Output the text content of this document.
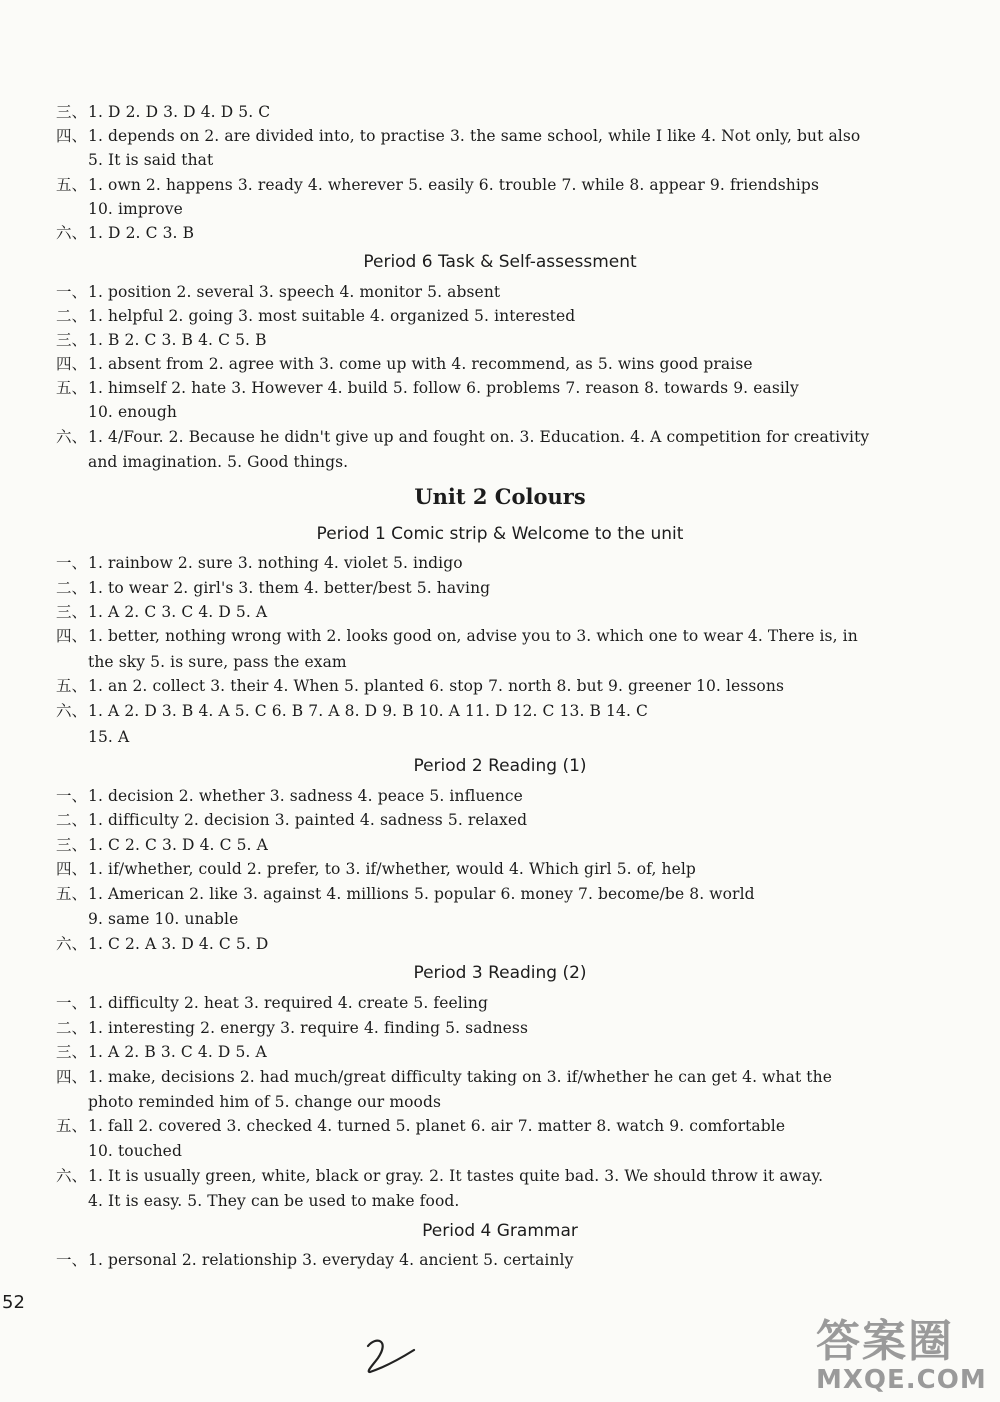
三、1. D 2. D 3. D 4. D 5. C
四、1. depends on 2. are divided into, to practise 3. the same school, while I like 4. Not only, but also
5. It is said that
五、1. own 2. happens 3. ready 4. wherever 5. easily 6. trouble 7. while 8. appear 9. friendships
10. improve
六、1. D 2. C 3. B
Period 6 Task & Self-assessment
一、1. position 2. several 3. speech 4. monitor 5. absent
二、1. helpful 2. going 3. most suitable 4. organized 5. interested
三、1. B 2. C 3. B 4. C 5. B
四、1. absent from 2. agree with 3. come up with 4. recommend, as 5. wins good praise
五、1. himself 2. hate 3. However 4. build 5. follow 6. problems 7. reason 8. towards 9. easily
10. enough
六、1. 4/Four. 2. Because he didn't give up and fought on. 3. Education. 4. A competition for creativity
and imagination. 5. Good things.
Unit 2 Colours
Period 1 Comic strip & Welcome to the unit
一、1. rainbow 2. sure 3. nothing 4. violet 5. indigo
二、1. to wear 2. girl's 3. them 4. better/best 5. having
三、1. A 2. C 3. C 4. D 5. A
四、1. better, nothing wrong with 2. looks good on, advise you to 3. which one to wear 4. There is, in
the sky 5. is sure, pass the exam
五、1. an 2. collect 3. their 4. When 5. planted 6. stop 7. north 8. but 9. greener 10. lessons
六、1. A 2. D 3. B 4. A 5. C 6. B 7. A 8. D 9. B 10. A 11. D 12. C 13. B 14. C
15. A
Period 2 Reading (1)
一、1. decision 2. whether 3. sadness 4. peace 5. influence
二、1. difficulty 2. decision 3. painted 4. sadness 5. relaxed
三、1. C 2. C 3. D 4. C 5. A
四、1. if/whether, could 2. prefer, to 3. if/whether, would 4. Which girl 5. of, help
五、1. American 2. like 3. against 4. millions 5. popular 6. money 7. become/be 8. world
9. same 10. unable
六、1. C 2. A 3. D 4. C 5. D
Period 3 Reading (2)
一、1. difficulty 2. heat 3. required 4. create 5. feeling
二、1. interesting 2. energy 3. require 4. finding 5. sadness
三、1. A 2. B 3. C 4. D 5. A
四、1. make, decisions 2. had much/great difficulty taking on 3. if/whether he can get 4. what the
photo reminded him of 5. change our moods
五、1. fall 2. covered 3. checked 4. turned 5. planet 6. air 7. matter 8. watch 9. comfortable
10. touched
六、1. It is usually green, white, black or gray. 2. It tastes quite bad. 3. We should throw it away.
4. It is easy. 5. They can be used to make food.
Period 4 Grammar
一、1. personal 2. relationship 3. everyday 4. ancient 5. certainly
52
答案圈
MXQE.COM
